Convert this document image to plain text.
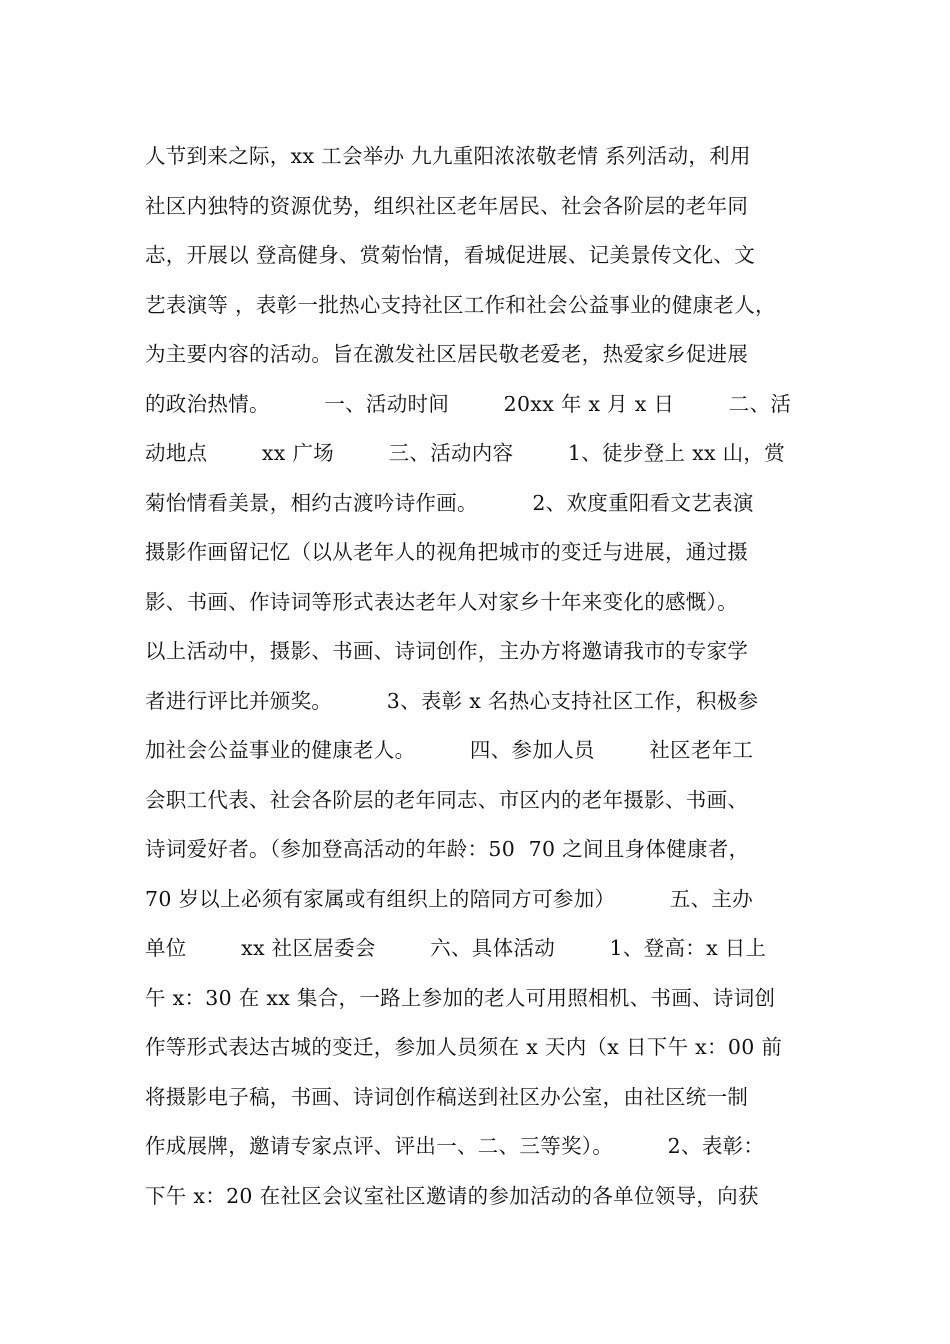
人节到来之际，xx 工会举办 九九重阳浓浓敬老情 系列活动，利用
社区内独特的资源优势，组织社区老年居民、社会各阶层的老年同
志，开展以 登高健身、赏菊怡情，看城促进展、记美景传文化、文
艺表演等 ，表彰一批热心支持社区工作和社会公益事业的健康老人，
为主要内容的活动。旨在激发社区居民敬老爱老，热爱家乡促进展
的政治热情。        一、活动时间        20xx 年 x 月 x 日        二、活
动地点        xx 广场        三、活动内容        1、徒步登上 xx 山，赏
菊怡情看美景，相约古渡吟诗作画。        2、欢度重阳看文艺表演
摄影作画留记忆（以从老年人的视角把城市的变迁与进展，通过摄
影、书画、作诗词等形式表达老年人对家乡十年来变化的感慨）。
以上活动中，摄影、书画、诗词创作，主办方将邀请我市的专家学
者进行评比并颁奖。        3、表彰 x 名热心支持社区工作，积极参
加社会公益事业的健康老人。        四、参加人员        社区老年工
会职工代表、社会各阶层的老年同志、市区内的老年摄影、书画、
诗词爱好者。（参加登高活动的年龄：50  70 之间且身体健康者，
70 岁以上必须有家属或有组织上的陪同方可参加）        五、主办
单位        xx 社区居委会        六、具体活动        1、登高：x 日上
午 x：30 在 xx 集合，一路上参加的老人可用照相机、书画、诗词创
作等形式表达古城的变迁，参加人员须在 x 天内（x 日下午 x：00 前
将摄影电子稿，书画、诗词创作稿送到社区办公室，由社区统一制
作成展牌，邀请专家点评、评出一、二、三等奖）。        2、表彰：
下午 x：20 在社区会议室社区邀请的参加活动的各单位领导，向获
